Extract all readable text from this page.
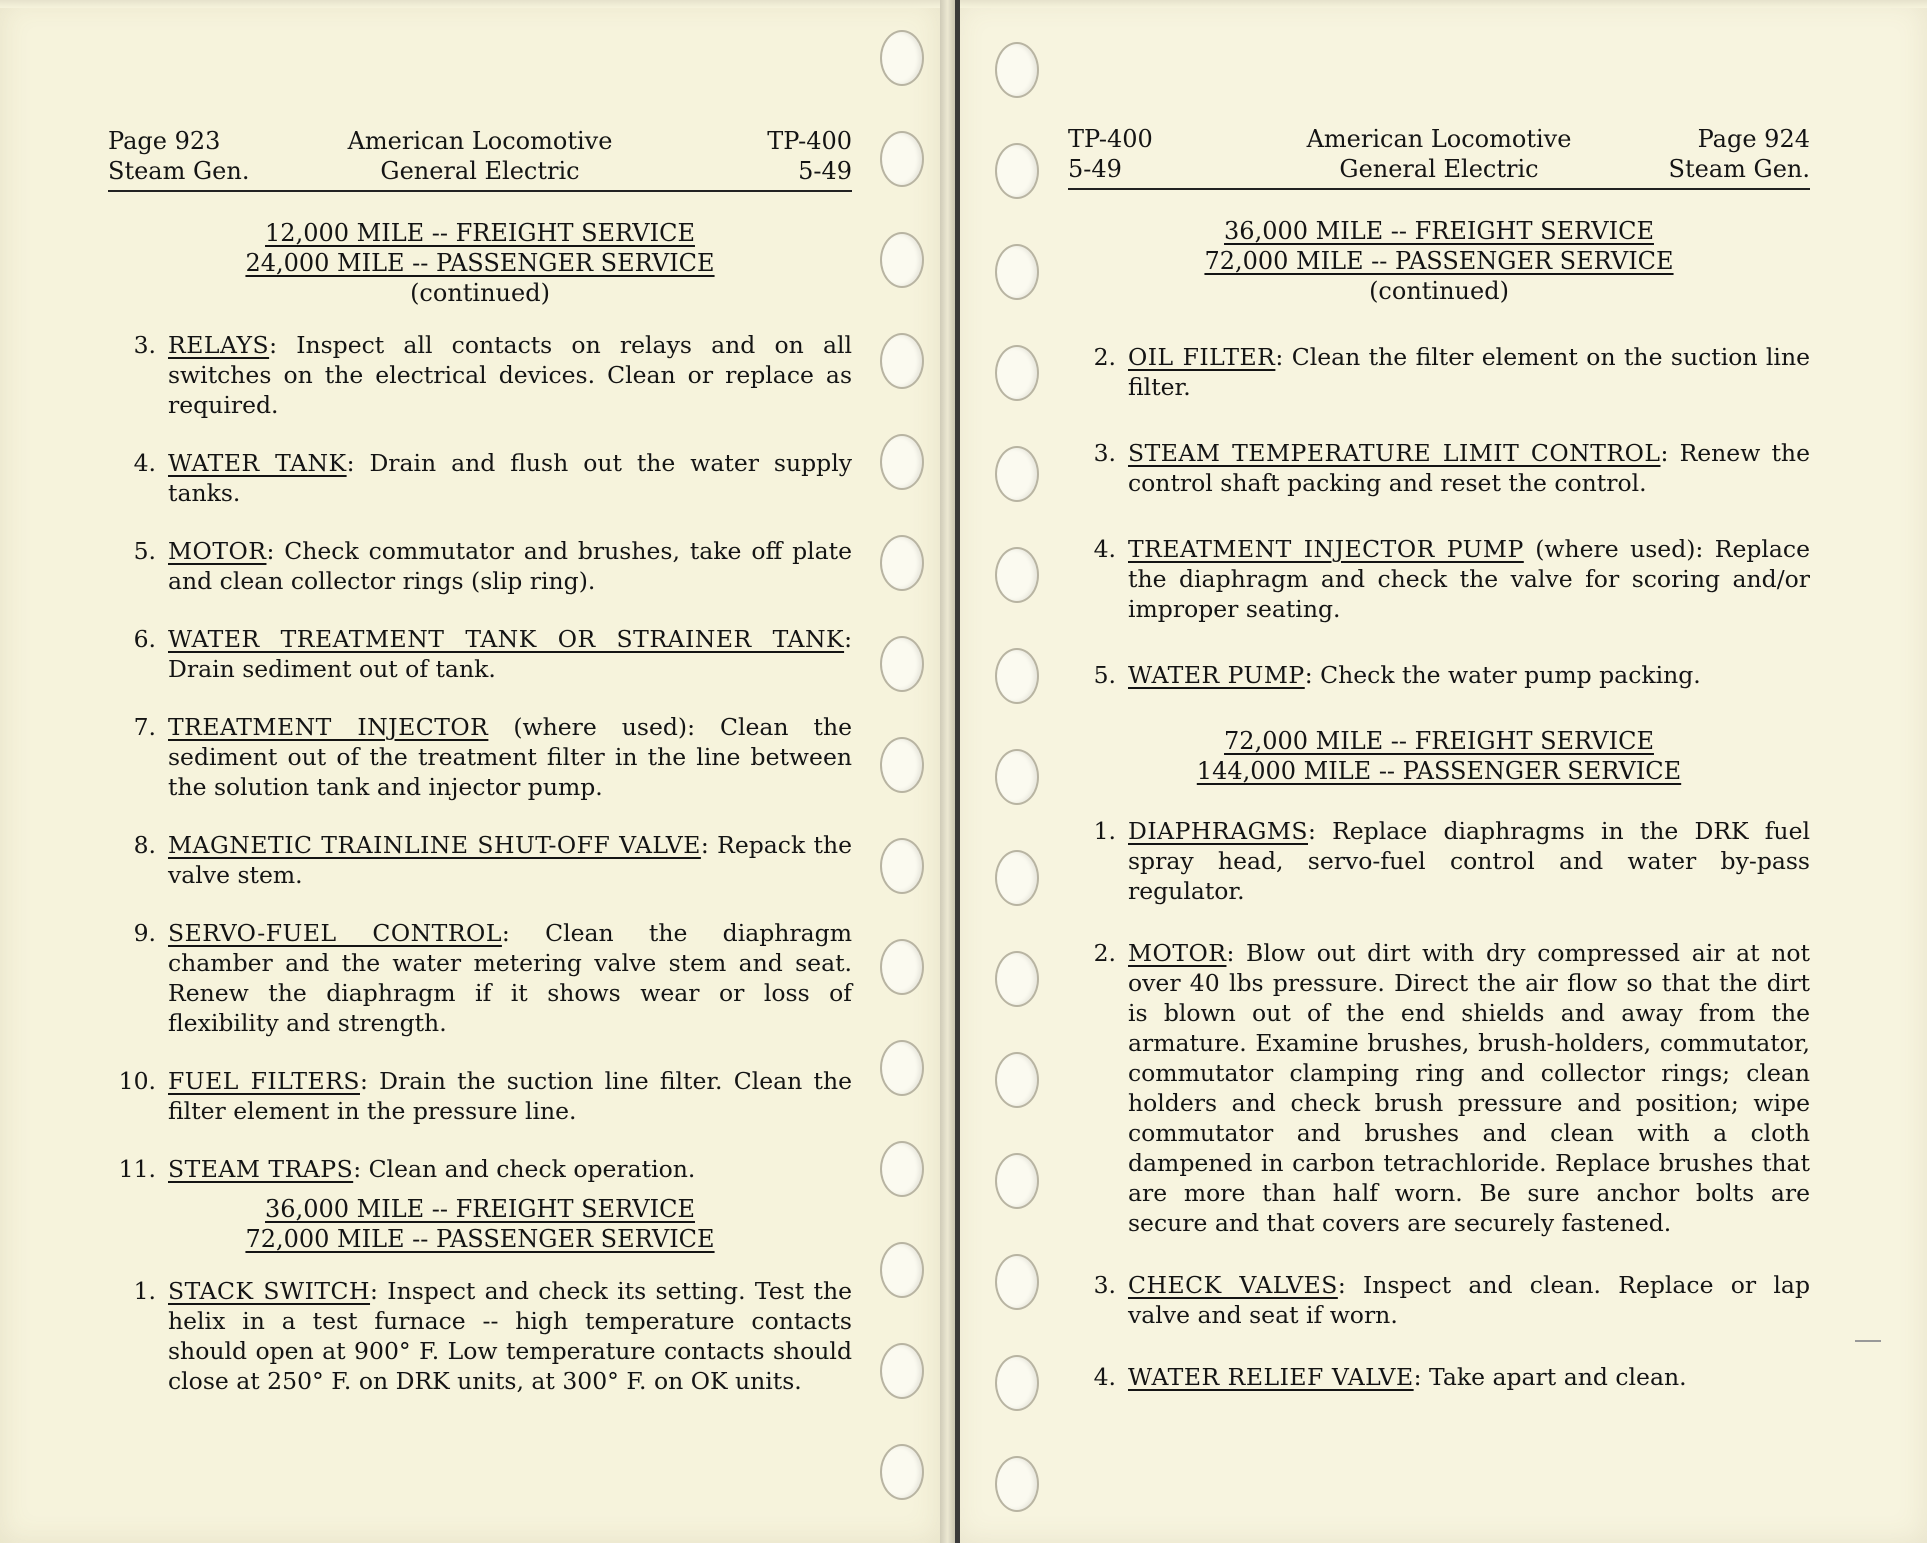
Page 923
Steam Gen.
American Locomotive
General Electric
TP-400
5-49
12,000 MILE -- FREIGHT SERVICE
24,000 MILE -- PASSENGER SERVICE
(continued)
3. RELAYS: Inspect all contacts on relays and on all switches on the electrical devices. Clean or replace as required.
4. WATER TANK: Drain and flush out the water supply tanks.
5. MOTOR: Check commutator and brushes, take off plate and clean collector rings (slip ring).
6. WATER TREATMENT TANK OR STRAINER TANK: Drain sediment out of tank.
7. TREATMENT INJECTOR (where used): Clean the sediment out of the treatment filter in the line between the solution tank and injector pump.
8. MAGNETIC TRAINLINE SHUT-OFF VALVE: Repack the valve stem.
9. SERVO-FUEL CONTROL: Clean the diaphragm chamber and the water metering valve stem and seat. Renew the diaphragm if it shows wear or loss of flexibility and strength.
10. FUEL FILTERS: Drain the suction line filter. Clean the filter element in the pressure line.
11. STEAM TRAPS: Clean and check operation.
36,000 MILE -- FREIGHT SERVICE
72,000 MILE -- PASSENGER SERVICE
1. STACK SWITCH: Inspect and check its setting. Test the helix in a test furnace -- high temperature contacts should open at 900° F. Low temperature contacts should close at 250° F. on DRK units, at 300° F. on OK units.
TP-400
5-49
American Locomotive
General Electric
Page 924
Steam Gen.
36,000 MILE -- FREIGHT SERVICE
72,000 MILE -- PASSENGER SERVICE
(continued)
2. OIL FILTER: Clean the filter element on the suction line filter.
3. STEAM TEMPERATURE LIMIT CONTROL: Renew the control shaft packing and reset the control.
4. TREATMENT INJECTOR PUMP (where used): Replace the diaphragm and check the valve for scoring and/or improper seating.
5. WATER PUMP: Check the water pump packing.
72,000 MILE -- FREIGHT SERVICE
144,000 MILE -- PASSENGER SERVICE
1. DIAPHRAGMS: Replace diaphragms in the DRK fuel spray head, servo-fuel control and water by-pass regulator.
2. MOTOR: Blow out dirt with dry compressed air at not over 40 lbs pressure. Direct the air flow so that the dirt is blown out of the end shields and away from the armature. Examine brushes, brush-holders, commutator, commutator clamping ring and collector rings; clean holders and check brush pressure and position; wipe commutator and brushes and clean with a cloth dampened in carbon tetrachloride. Replace brushes that are more than half worn. Be sure anchor bolts are secure and that covers are securely fastened.
3. CHECK VALVES: Inspect and clean. Replace or lap valve and seat if worn.
4. WATER RELIEF VALVE: Take apart and clean.
